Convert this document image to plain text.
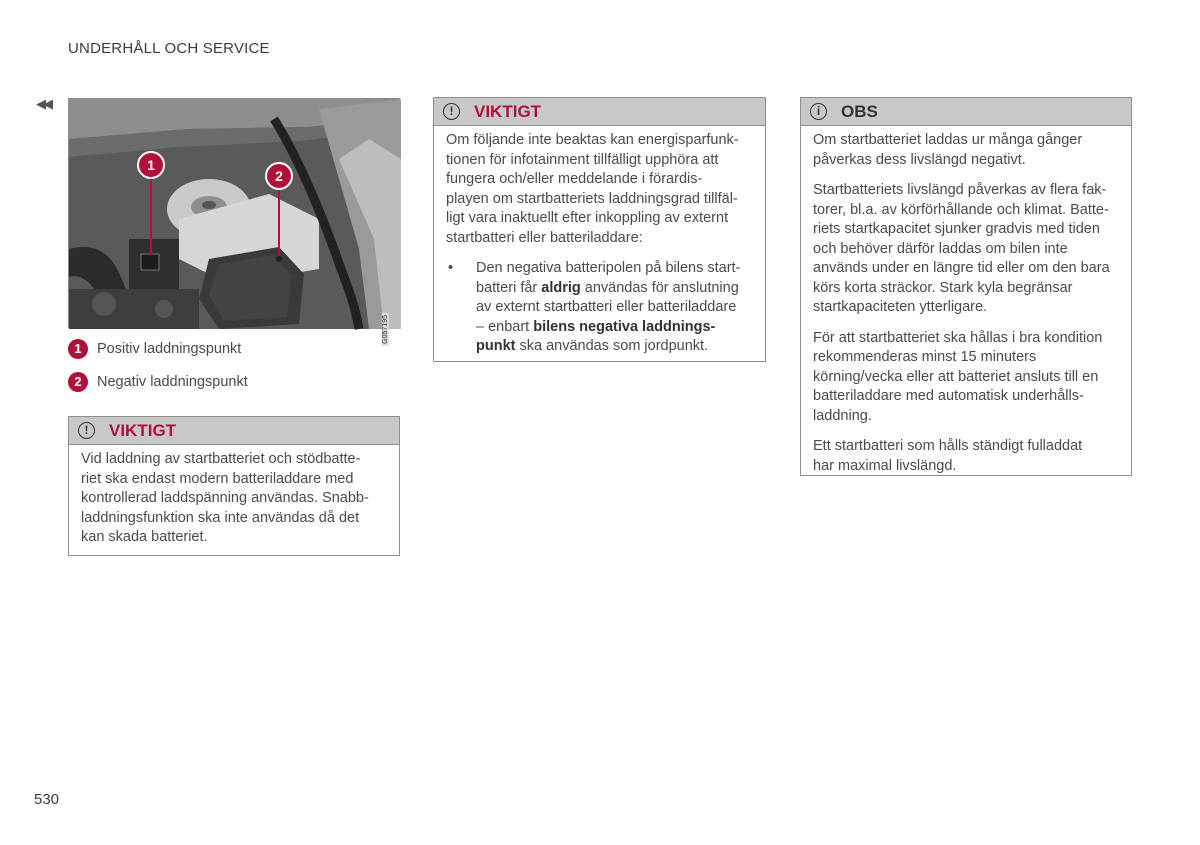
UNDERHÅLL OCH SERVICE
◀◀
1
2
G057195
1	Positiv laddningspunkt
2	Negativ laddningspunkt
!	VIKTIGT
Vid laddning av startbatteriet och stödbatte-
riet ska endast modern batteriladdare med
kontrollerad laddspänning användas. Snabb-
laddningsfunktion ska inte användas då det
kan skada batteriet.
!	VIKTIGT
Om följande inte beaktas kan energisparfunk-
tionen för infotainment tillfälligt upphöra att
fungera och/eller meddelande i förardis-
playen om startbatteriets laddningsgrad tillfäl-
ligt vara inaktuellt efter inkoppling av externt
startbatteri eller batteriladdare:
•	Den negativa batteripolen på bilens start-
batteri får aldrig användas för anslutning
av externt startbatteri eller batteriladdare
– enbart bilens negativa laddnings-
punkt ska användas som jordpunkt.
i	OBS

Om startbatteriet laddas ur många gånger
påverkas dess livslängd negativt.

Startbatteriets livslängd påverkas av flera fak-
torer, bl.a. av körförhållande och klimat. Batte-
riets startkapacitet sjunker gradvis med tiden
och behöver därför laddas om bilen inte
används under en längre tid eller om den bara
körs korta sträckor. Stark kyla begränsar
startkapaciteten ytterligare.

För att startbatteriet ska hållas i bra kondition
rekommenderas minst 15 minuters
körning/vecka eller att batteriet ansluts till en
batteriladdare med automatisk underhålls-
laddning.

Ett startbatteri som hålls ständigt fulladdat
har maximal livslängd.

530
